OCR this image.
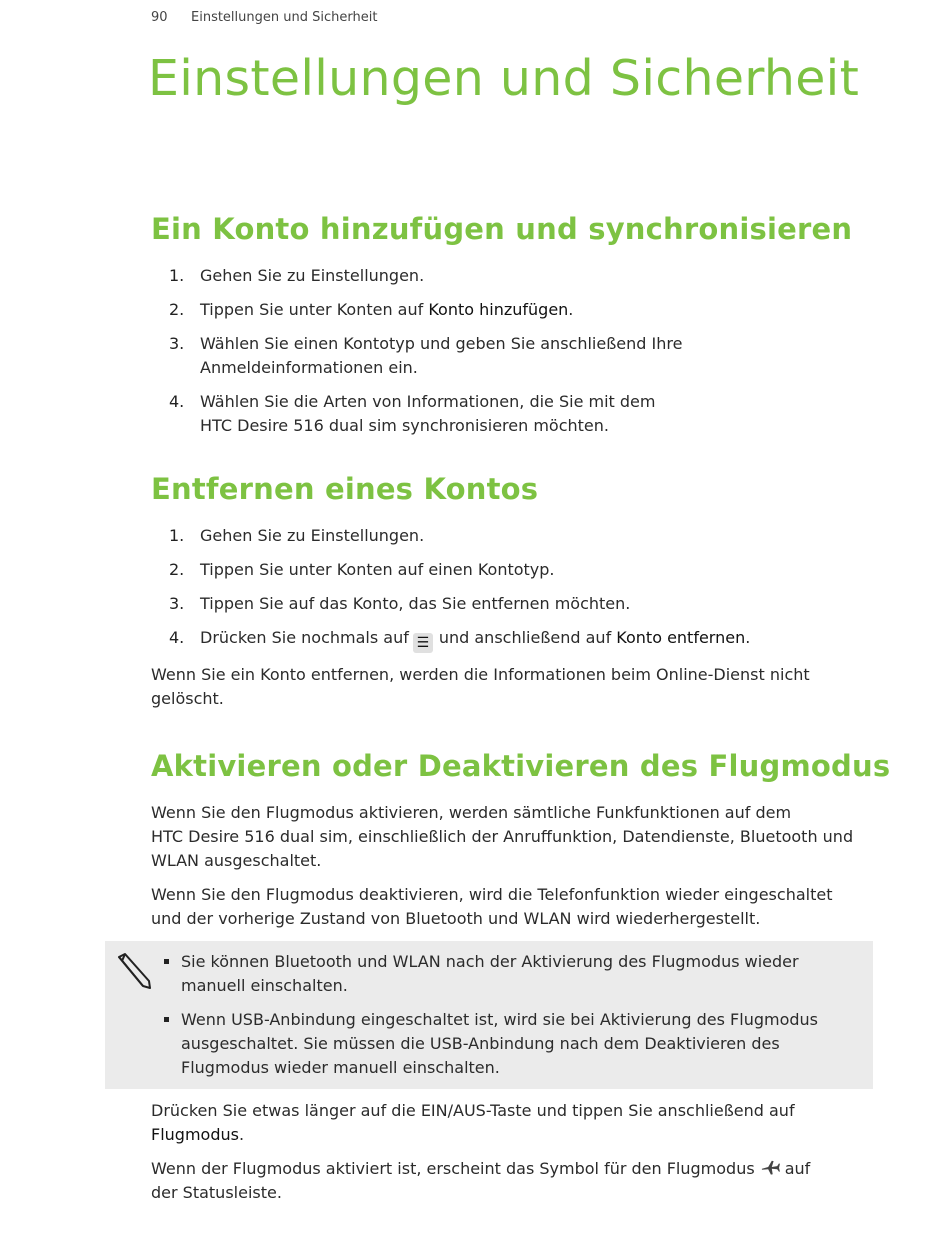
90 Einstellungen und Sicherheit
Einstellungen und Sicherheit
Ein Konto hinzufügen und synchronisieren
1. Gehen Sie zu Einstellungen.
2. Tippen Sie unter Konten auf Konto hinzufügen.
3. Wählen Sie einen Kontotyp und geben Sie anschließend Ihre
Anmeldeinformationen ein.
4. Wählen Sie die Arten von Informationen, die Sie mit dem
HTC Desire 516 dual sim synchronisieren möchten.
Entfernen eines Kontos
1. Gehen Sie zu Einstellungen.
2. Tippen Sie unter Konten auf einen Kontotyp.
3. Tippen Sie auf das Konto, das Sie entfernen möchten.
4. Drücken Sie nochmals auf ☰ und anschließend auf Konto entfernen.

Wenn Sie ein Konto entfernen, werden die Informationen beim Online-Dienst nicht
gelöscht.

Aktivieren oder Deaktivieren des Flugmodus

Wenn Sie den Flugmodus aktivieren, werden sämtliche Funkfunktionen auf dem
HTC Desire 516 dual sim, einschließlich der Anruffunktion, Datendienste, Bluetooth und
WLAN ausgeschaltet.

Wenn Sie den Flugmodus deaktivieren, wird die Telefonfunktion wieder eingeschaltet
und der vorherige Zustand von Bluetooth und WLAN wird wiederhergestellt.

Sie können Bluetooth und WLAN nach der Aktivierung des Flugmodus wieder
manuell einschalten.
Wenn USB-Anbindung eingeschaltet ist, wird sie bei Aktivierung des Flugmodus
ausgeschaltet. Sie müssen die USB-Anbindung nach dem Deaktivieren des
Flugmodus wieder manuell einschalten.

Drücken Sie etwas länger auf die EIN/AUS-Taste und tippen Sie anschließend auf
Flugmodus.

Wenn der Flugmodus aktiviert ist, erscheint das Symbol für den Flugmodus auf
der Statusleiste.
